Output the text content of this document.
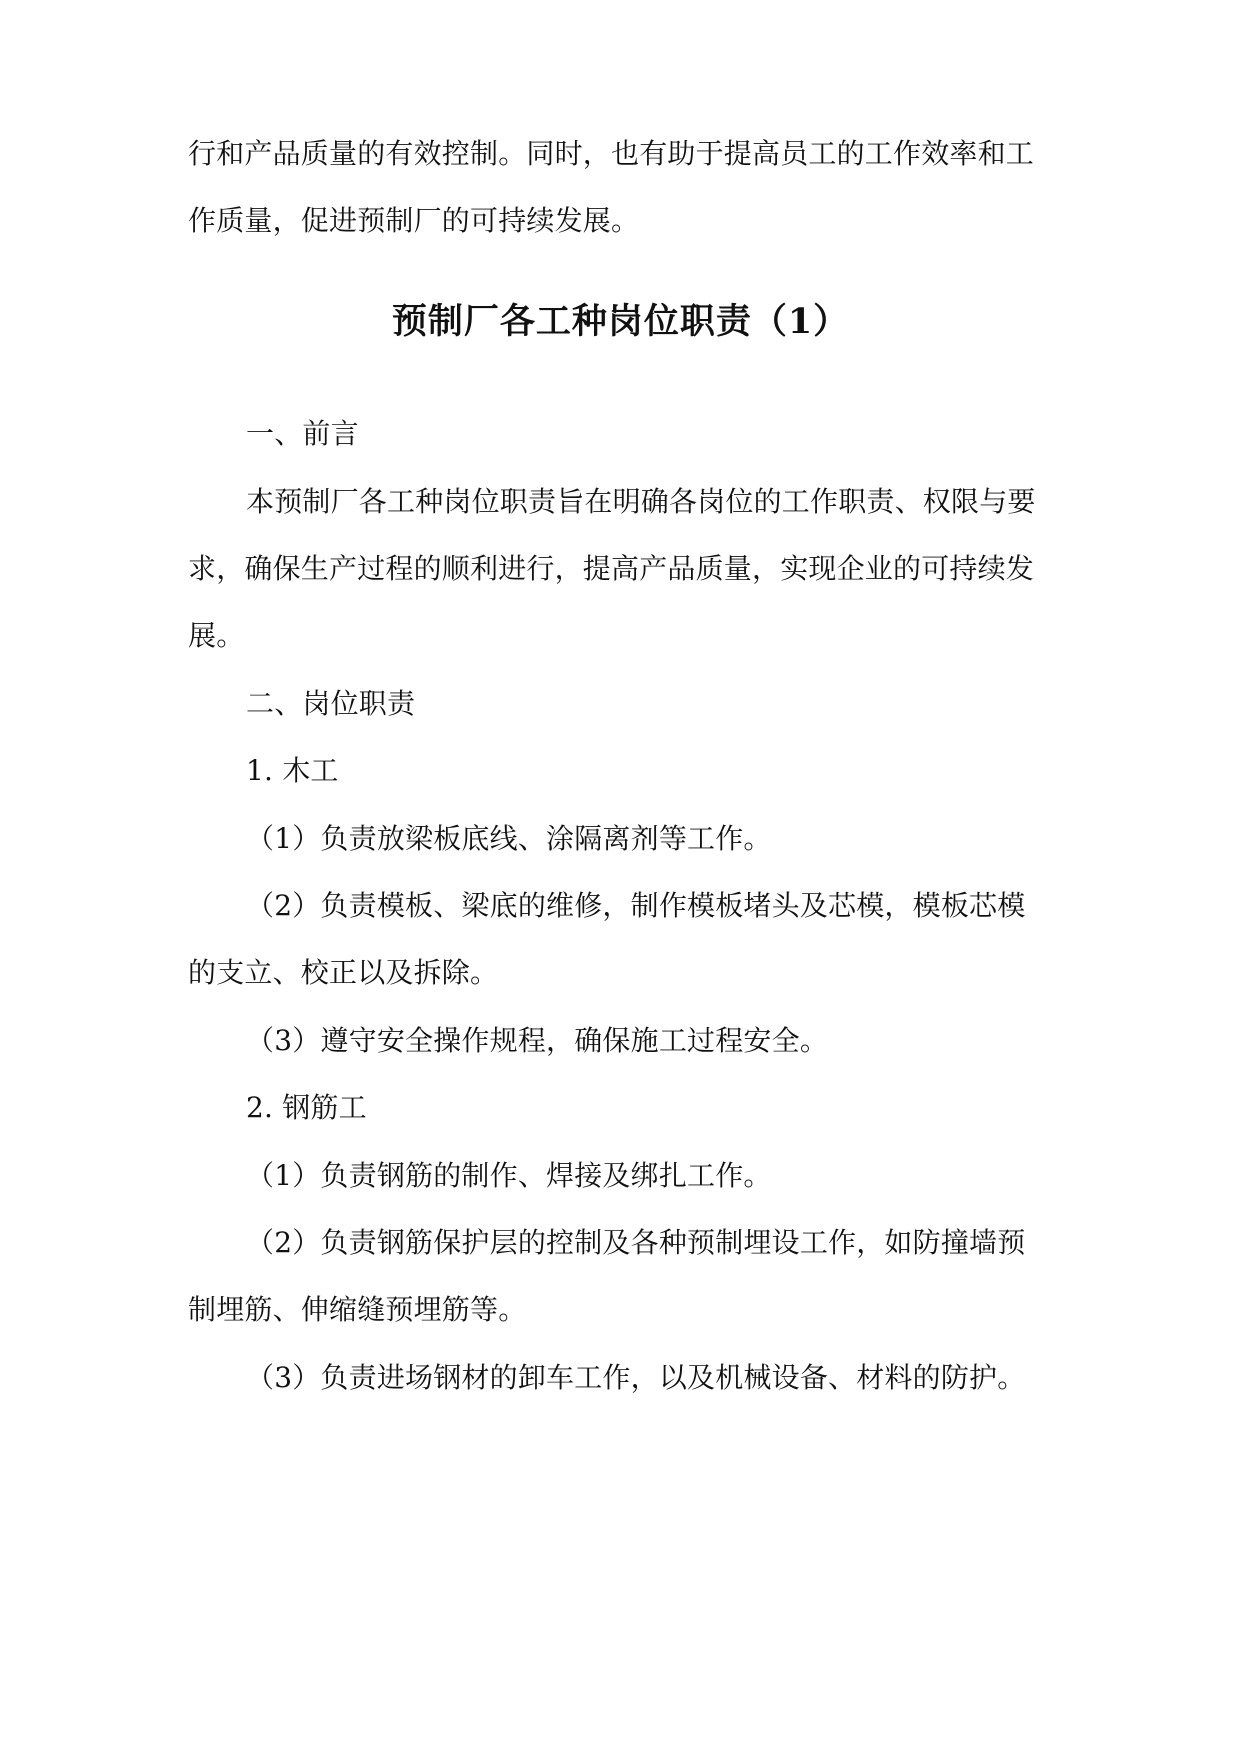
行和产品质量的有效控制。同时，也有助于提高员工的工作效率和工
作质量，促进预制厂的可持续发展。
预制厂各工种岗位职责（1）
一、前言
本预制厂各工种岗位职责旨在明确各岗位的工作职责、权限与要
求，确保生产过程的顺利进行，提高产品质量，实现企业的可持续发
展。
二、岗位职责
1. 木工
（1）负责放梁板底线、涂隔离剂等工作。
（2）负责模板、梁底的维修，制作模板堵头及芯模，模板芯模
的支立、校正以及拆除。
（3）遵守安全操作规程，确保施工过程安全。
2. 钢筋工
（1）负责钢筋的制作、焊接及绑扎工作。
（2）负责钢筋保护层的控制及各种预制埋设工作，如防撞墙预
制埋筋、伸缩缝预埋筋等。
（3）负责进场钢材的卸车工作，以及机械设备、材料的防护。
